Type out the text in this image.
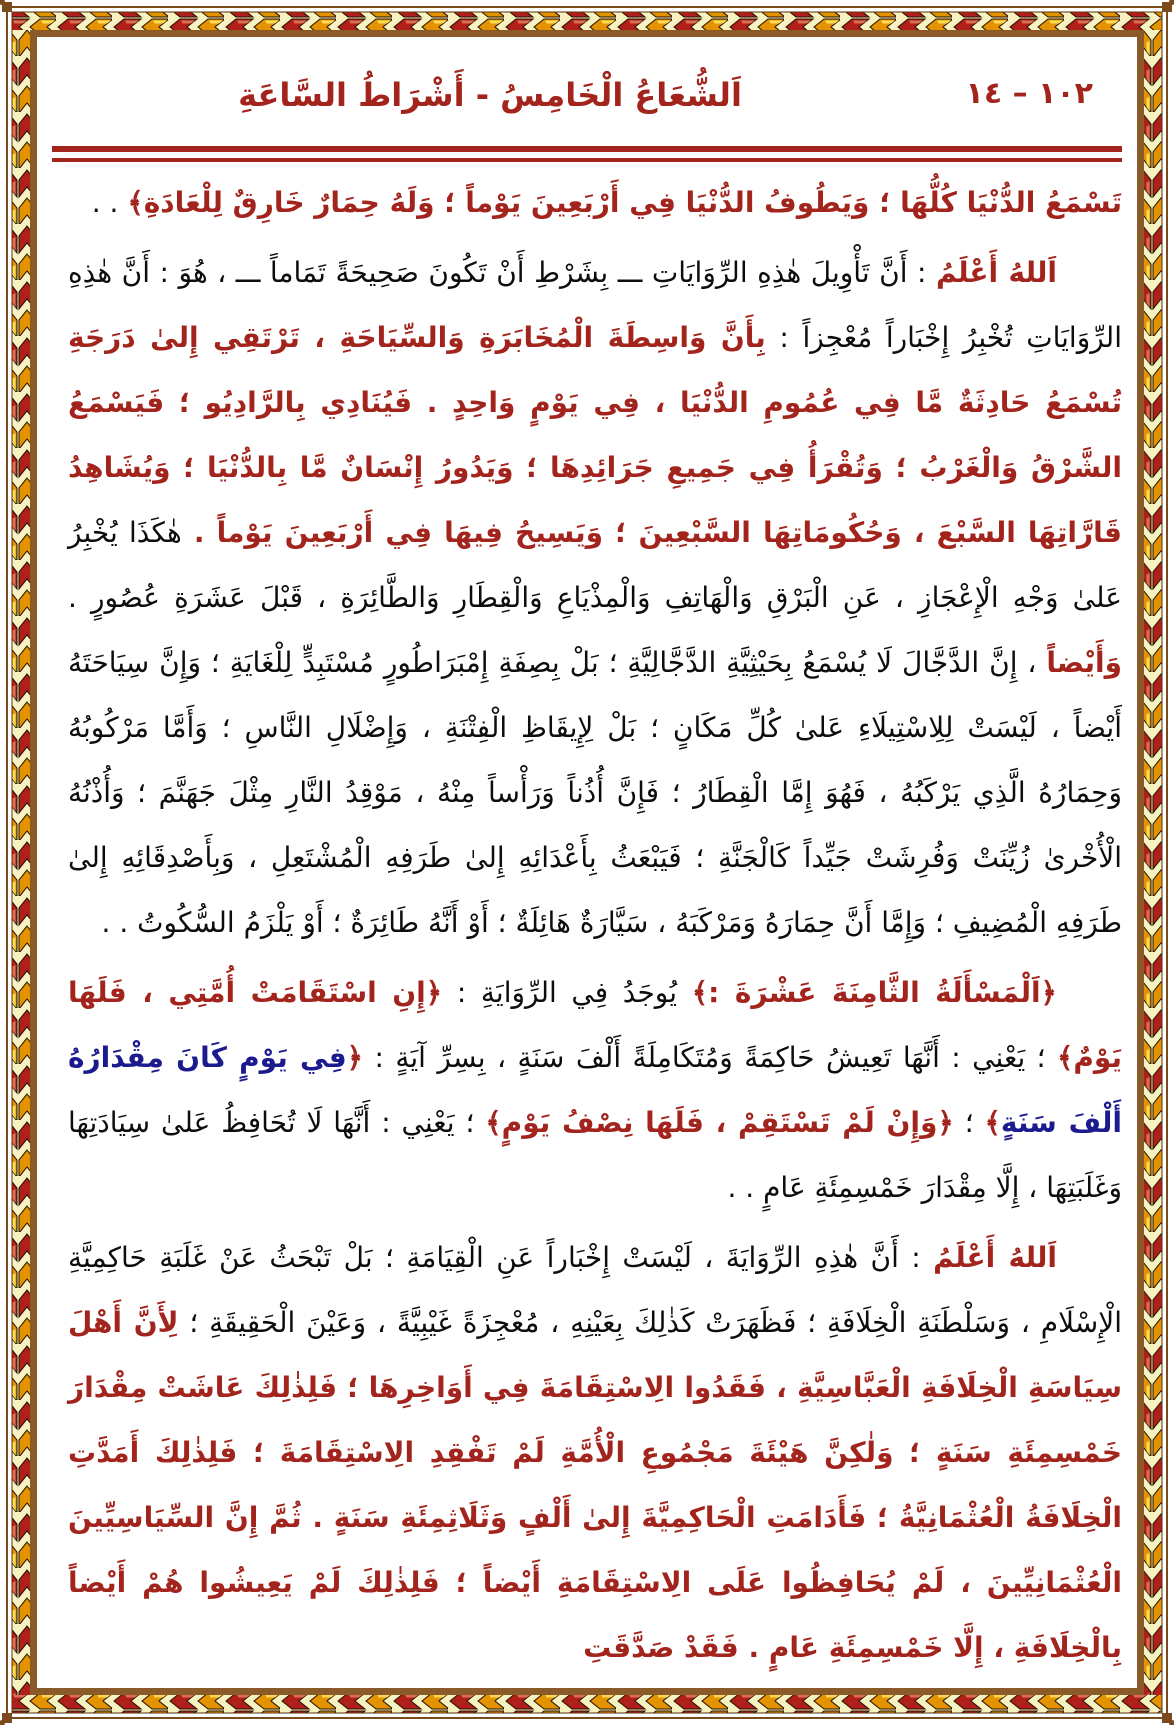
١٠٢ – ١٤
اَلشُّعَاعُ الْخَامِسُ - أَشْرَاطُ السَّاعَةِ

تَسْمَعُ الدُّنْيَا كُلُّهَا ؛ وَيَطُوفُ الدُّنْيَا فِي أَرْبَعِينَ يَوْماً ؛ وَلَهُ حِمَارٌ خَارِقٌ لِلْعَادَةِ﴾ . .

اَللهُ أَعْلَمُ : أَنَّ تَأْوِيلَ هٰذِهِ الرِّوَايَاتِ ـــ بِشَرْطِ أَنْ تَكُونَ صَحِيحَةً تَمَاماً ـــ ، هُوَ : أَنَّ هٰذِهِ الرِّوَايَاتِ تُخْبِرُ إِخْبَاراً مُعْجِزاً : بِأَنَّ وَاسِطَةَ الْمُخَابَرَةِ وَالسِّيَاحَةِ ، تَرْتَقِي إِلىٰ دَرَجَةِ تُسْمَعُ حَادِثَةٌ مَّا فِي عُمُومِ الدُّنْيَا ، فِي يَوْمٍ وَاحِدٍ . فَيُنَادِي بِالرَّادِيُو ؛ فَيَسْمَعُ الشَّرْقُ وَالْغَرْبُ ؛ وَتُقْرَأُ فِي جَمِيعِ جَرَائِدِهَا ؛ وَيَدُورُ إِنْسَانٌ مَّا بِالدُّنْيَا ؛ وَيُشَاهِدُ قَارَّاتِهَا السَّبْعَ ، وَحُكُومَاتِهَا السَّبْعِينَ ؛ وَيَسِيحُ فِيهَا فِي أَرْبَعِينَ يَوْماً . هٰكَذَا يُخْبِرُ عَلىٰ وَجْهِ الْإِعْجَازِ ، عَنِ الْبَرْقِ وَالْهَاتِفِ وَالْمِذْيَاعِ وَالْقِطَارِ وَالطَّائِرَةِ ، قَبْلَ عَشَرَةِ عُصُورٍ . وَأَيْضاً ، إِنَّ الدَّجَّالَ لَا يُسْمَعُ بِحَيْثِيَّةِ الدَّجَّالِيَّةِ ؛ بَلْ بِصِفَةِ إِمْبَرَاطُورٍ مُسْتَبِدٍّ لِلْغَايَةِ ؛ وَإِنَّ سِيَاحَتَهُ أَيْضاً ، لَيْسَتْ لِلِاسْتِيلَاءِ عَلىٰ كُلِّ مَكَانٍ ؛ بَلْ لِإِيقَاظِ الْفِتْنَةِ ، وَإِضْلَالِ النَّاسِ ؛ وَأَمَّا مَرْكُوبُهُ وَحِمَارُهُ الَّذِي يَرْكَبُهُ ، فَهُوَ إِمَّا الْقِطَارُ ؛ فَإِنَّ أُذُناً وَرَأْساً مِنْهُ ، مَوْقِدُ النَّارِ مِثْلَ جَهَنَّمَ ؛ وَأُذْنُهُ الْأُخْرىٰ زُيِّنَتْ وَفُرِشَتْ جَيِّداً كَالْجَنَّةِ ؛ فَيَبْعَثُ بِأَعْدَائِهِ إِلىٰ طَرَفِهِ الْمُشْتَعِلِ ، وَبِأَصْدِقَائِهِ إِلىٰ طَرَفِهِ الْمُضِيفِ ؛ وَإِمَّا أَنَّ حِمَارَهُ وَمَرْكَبَهُ ، سَيَّارَةٌ هَائِلَةٌ ؛ أَوْ أَنَّهُ طَائِرَةٌ ؛ أَوْ يَلْزَمُ السُّكُوتُ . .

﴿اَلْمَسْأَلَةُ الثَّامِنَةَ عَشْرَةَ :﴾ يُوجَدُ فِي الرِّوَايَةِ : ﴿إِنِ اسْتَقَامَتْ أُمَّتِي ، فَلَهَا يَوْمٌ﴾ ؛ يَعْنِي : أَنَّهَا تَعِيشُ حَاكِمَةً وَمُتَكَامِلَةً أَلْفَ سَنَةٍ ، بِسِرِّ آيَةٍ : ﴿فِي يَوْمٍ كَانَ مِقْدَارُهُ أَلْفَ سَنَةٍ﴾ ؛ ﴿وَإِنْ لَمْ تَسْتَقِمْ ، فَلَهَا نِصْفُ يَوْمٍ﴾ ؛ يَعْنِي : أَنَّهَا لَا تُحَافِظُ عَلىٰ سِيَادَتِهَا وَغَلَبَتِهَا ، إِلَّا مِقْدَارَ خَمْسِمِئَةِ عَامٍ . .

اَللهُ أَعْلَمُ : أَنَّ هٰذِهِ الرِّوَايَةَ ، لَيْسَتْ إِخْبَاراً عَنِ الْقِيَامَةِ ؛ بَلْ تَبْحَثُ عَنْ غَلَبَةِ حَاكِمِيَّةِ الْإِسْلَامِ ، وَسَلْطَنَةِ الْخِلَافَةِ ؛ فَظَهَرَتْ كَذٰلِكَ بِعَيْنِهِ ، مُعْجِزَةً غَيْبِيَّةً ، وَعَيْنَ الْحَقِيقَةِ ؛ لِأَنَّ أَهْلَ سِيَاسَةِ الْخِلَافَةِ الْعَبَّاسِيَّةِ ، فَقَدُوا الِاسْتِقَامَةَ فِي أَوَاخِرِهَا ؛ فَلِذٰلِكَ عَاشَتْ مِقْدَارَ خَمْسِمِئَةِ سَنَةٍ ؛ وَلٰكِنَّ هَيْئَةَ مَجْمُوعِ الْأُمَّةِ لَمْ تَفْقِدِ الِاسْتِقَامَةَ ؛ فَلِذٰلِكَ أَمَدَّتِ الْخِلَافَةُ الْعُثْمَانِيَّةُ ؛ فَأَدَامَتِ الْحَاكِمِيَّةَ إِلىٰ أَلْفٍ وَثَلَاثِمِئَةِ سَنَةٍ . ثُمَّ إِنَّ السِّيَاسِيِّينَ الْعُثْمَانِيِّينَ ، لَمْ يُحَافِظُوا عَلَى الِاسْتِقَامَةِ أَيْضاً ؛ فَلِذٰلِكَ لَمْ يَعِيشُوا هُمْ أَيْضاً بِالْخِلَافَةِ ، إِلَّا خَمْسِمِئَةِ عَامٍ . فَقَدْ صَدَّقَتِ
